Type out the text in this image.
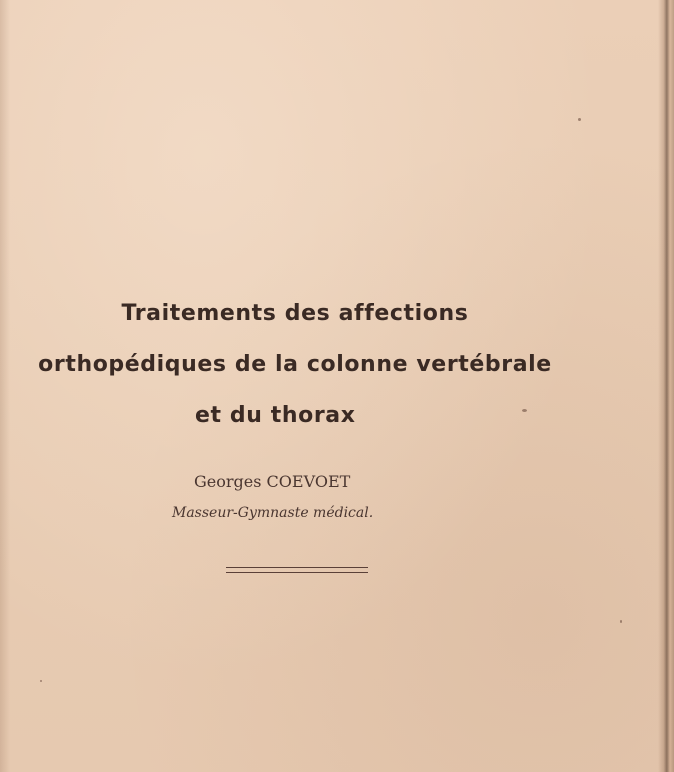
Traitements des affections
orthopédiques de la colonne vertébrale
et du thorax
Georges COEVOET
Masseur-Gymnaste médical.
